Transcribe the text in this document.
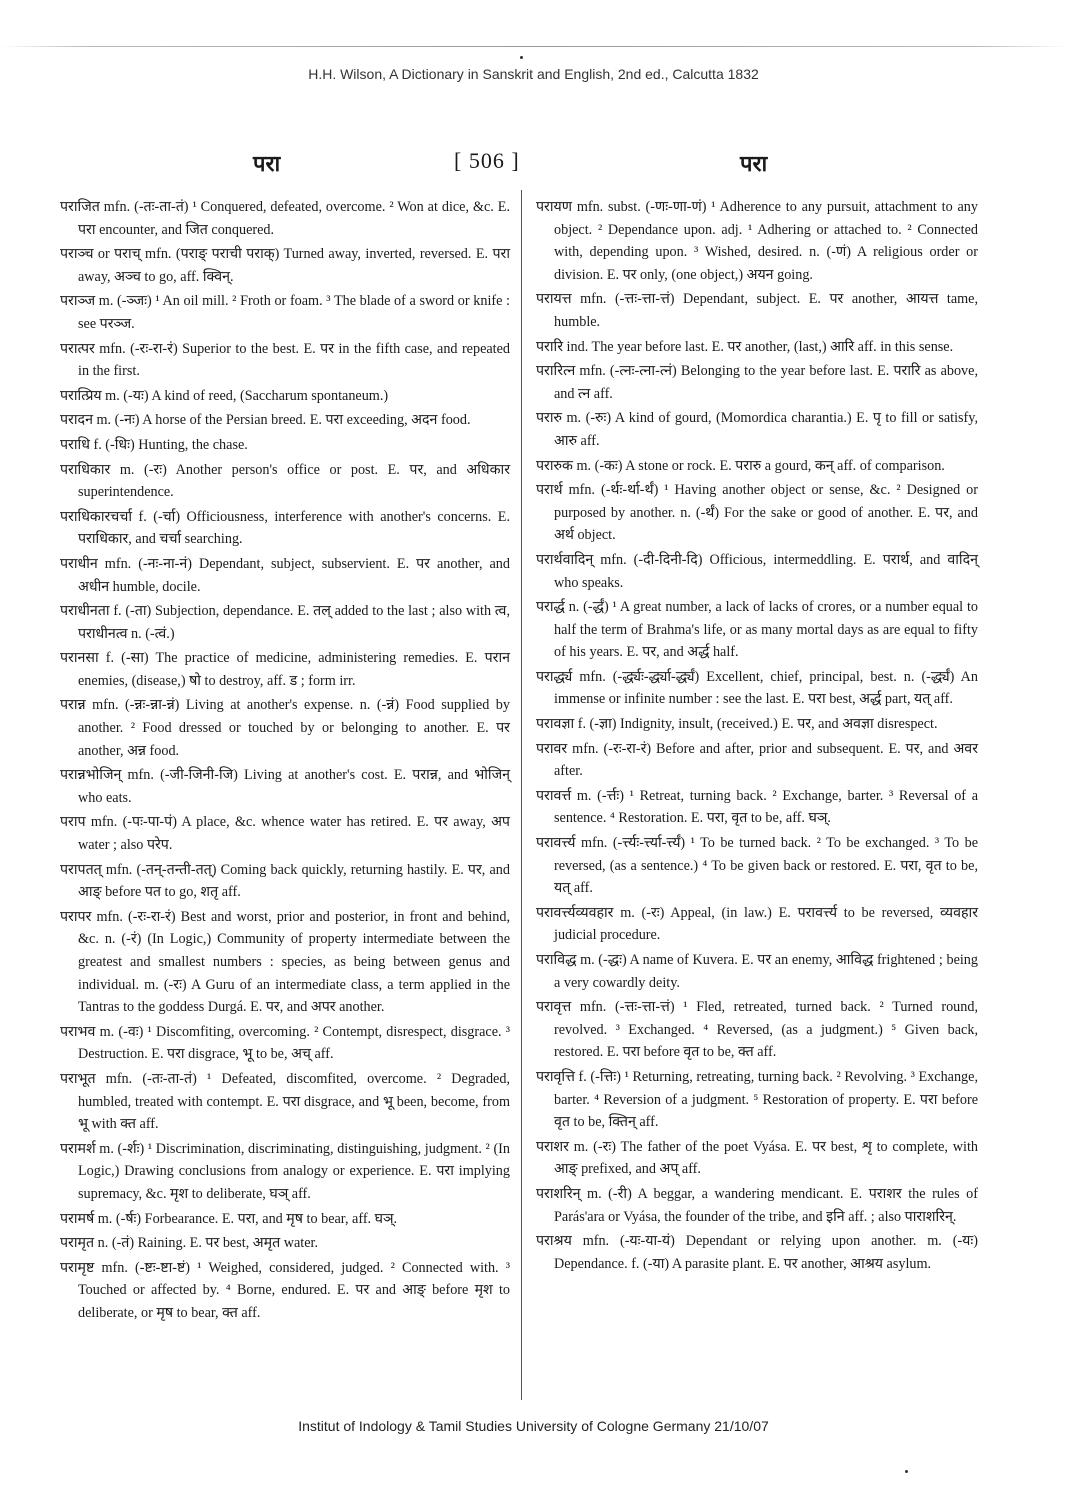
H.H. Wilson, A Dictionary in Sanskrit and English, 2nd ed., Calcutta 1832
परा	[ 506 ]	परा

पराजित mfn. (-तः-ता-तं) ¹ Conquered, defeated, overcome. ² Won at dice, &c. E. परा encounter, and जित conquered.

पराञ्च or पराच् mfn. (पराङ् पराची पराक्) Turned away, inverted, reversed. E. परा away, अञ्च to go, aff. क्विन्.

पराञ्ज m. (-ञ्जः) ¹ An oil mill. ² Froth or foam. ³ The blade of a sword or knife : see परञ्ज.

परात्पर mfn. (-रः-रा-रं) Superior to the best. E. पर in the fifth case, and repeated in the first.

परात्प्रिय m. (-यः) A kind of reed, (Saccharum spontaneum.)

परादन m. (-नः) A horse of the Persian breed. E. परा exceeding, अदन food.

पराधि f. (-धिः) Hunting, the chase.

पराधिकार m. (-रः) Another person's office or post. E. पर, and अधिकार superintendence.

पराधिकारचर्चा f. (-र्चा) Officiousness, interference with another's concerns. E. पराधिकार, and चर्चा searching.

पराधीन mfn. (-नः-ना-नं) Dependant, subject, subservient. E. पर another, and अधीन humble, docile.

पराधीनता f. (-ता) Subjection, dependance. E. तल् added to the last ; also with त्व, पराधीनत्व n. (-त्वं.)

परानसा f. (-सा) The practice of medicine, administering remedies. E. परान enemies, (disease,) षो to destroy, aff. ड ; form irr.

परान्न mfn. (-न्नः-न्ना-न्नं) Living at another's expense. n. (-न्नं) Food supplied by another. ² Food dressed or touched by or belonging to another. E. पर another, अन्न food.

परान्नभोजिन् mfn. (-जी-जिनी-जि) Living at another's cost. E. परान्न, and भोजिन् who eats.

पराप mfn. (-पः-पा-पं) A place, &c. whence water has retired. E. पर away, अप water ; also परेप.

परापतत् mfn. (-तन्-तन्ती-तत्) Coming back quickly, returning hastily. E. पर, and आङ् before पत to go, शतृ aff.

परापर mfn. (-रः-रा-रं) Best and worst, prior and posterior, in front and behind, &c. n. (-रं) (In Logic,) Community of property intermediate between the greatest and smallest numbers : species, as being between genus and individual. m. (-रः) A Guru of an intermediate class, a term applied in the Tantras to the goddess Durgá. E. पर, and अपर another.

पराभव m. (-वः) ¹ Discomfiting, overcoming. ² Contempt, disrespect, disgrace. ³ Destruction. E. परा disgrace, भू to be, अच् aff.

पराभूत mfn. (-तः-ता-तं) ¹ Defeated, discomfited, overcome. ² Degraded, humbled, treated with contempt. E. परा disgrace, and भू been, become, from भू with क्त aff.

परामर्श m. (-र्शः) ¹ Discrimination, discriminating, distinguishing, judgment. ² (In Logic,) Drawing conclusions from analogy or experience. E. परा implying supremacy, &c. मृश to deliberate, घञ् aff.

परामर्ष m. (-र्षः) Forbearance. E. परा, and मृष to bear, aff. घञ्.

परामृत n. (-तं) Raining. E. पर best, अमृत water.

परामृष्ट mfn. (-ष्टः-ष्टा-ष्टं) ¹ Weighed, considered, judged. ² Connected with. ³ Touched or affected by. ⁴ Borne, endured. E. पर and आङ् before मृश to deliberate, or मृष to bear, क्त aff.

परायण mfn. subst. (-णः-णा-णं) ¹ Adherence to any pursuit, attachment to any object. ² Dependance upon. adj. ¹ Adhering or attached to. ² Connected with, depending upon. ³ Wished, desired. n. (-णं) A religious order or division. E. पर only, (one object,) अयन going.

परायत्त mfn. (-त्तः-त्ता-त्तं) Dependant, subject. E. पर another, आयत्त tame, humble.

परारि ind. The year before last. E. पर another, (last,) आरि aff. in this sense.

परारित्न mfn. (-त्नः-त्ना-त्नं) Belonging to the year before last. E. परारि as above, and त्न aff.

परारु m. (-रुः) A kind of gourd, (Momordica charantia.) E. पृ to fill or satisfy, आरु aff.

परारुक m. (-कः) A stone or rock. E. परारु a gourd, कन् aff. of comparison.

परार्थ mfn. (-र्थः-र्था-र्थं) ¹ Having another object or sense, &c. ² Designed or purposed by another. n. (-र्थं) For the sake or good of another. E. पर, and अर्थ object.

परार्थवादिन् mfn. (-दी-दिनी-दि) Officious, intermeddling. E. परार्थ, and वादिन् who speaks.

परार्द्ध n. (-र्द्धं) ¹ A great number, a lack of lacks of crores, or a number equal to half the term of Brahma's life, or as many mortal days as are equal to fifty of his years. E. पर, and अर्द्ध half.

परार्द्ध्य mfn. (-र्द्ध्यः-र्द्ध्या-र्द्ध्यं) Excellent, chief, principal, best. n. (-र्द्ध्यं) An immense or infinite number : see the last. E. परा best, अर्द्ध part, यत् aff.

परावज्ञा f. (-ज्ञा) Indignity, insult, (received.) E. पर, and अवज्ञा disrespect.

परावर mfn. (-रः-रा-रं) Before and after, prior and subsequent. E. पर, and अवर after.

परावर्त्त m. (-र्त्तः) ¹ Retreat, turning back. ² Exchange, barter. ³ Reversal of a sentence. ⁴ Restoration. E. परा, वृत to be, aff. घञ्.

परावर्त्त्य mfn. (-र्त्त्यः-र्त्त्या-र्त्त्यं) ¹ To be turned back. ² To be exchanged. ³ To be reversed, (as a sentence.) ⁴ To be given back or restored. E. परा, वृत to be, यत् aff.

परावर्त्त्यव्यवहार m. (-रः) Appeal, (in law.) E. परावर्त्त्य to be reversed, व्यवहार judicial procedure.

पराविद्ध m. (-द्धः) A name of Kuvera. E. पर an enemy, आविद्ध frightened ; being a very cowardly deity.

परावृत्त mfn. (-त्तः-त्ता-त्तं) ¹ Fled, retreated, turned back. ² Turned round, revolved. ³ Exchanged. ⁴ Reversed, (as a judgment.) ⁵ Given back, restored. E. परा before वृत to be, क्त aff.

परावृत्ति f. (-त्तिः) ¹ Returning, retreating, turning back. ² Revolving. ³ Exchange, barter. ⁴ Reversion of a judgment. ⁵ Restoration of property. E. परा before वृत to be, क्तिन् aff.

पराशर m. (-रः) The father of the poet Vyása. E. पर best, शृ to complete, with आङ् prefixed, and अप् aff.

पराशरिन् m. (-री) A beggar, a wandering mendicant. E. पराशर the rules of Parás'ara or Vyása, the founder of the tribe, and इनि aff. ; also पाराशरिन्.

पराश्रय mfn. (-यः-या-यं) Dependant or relying upon another. m. (-यः) Dependance. f. (-या) A parasite plant. E. पर another, आश्रय asylum.

Institut of Indology & Tamil Studies University of Cologne Germany 21/10/07
